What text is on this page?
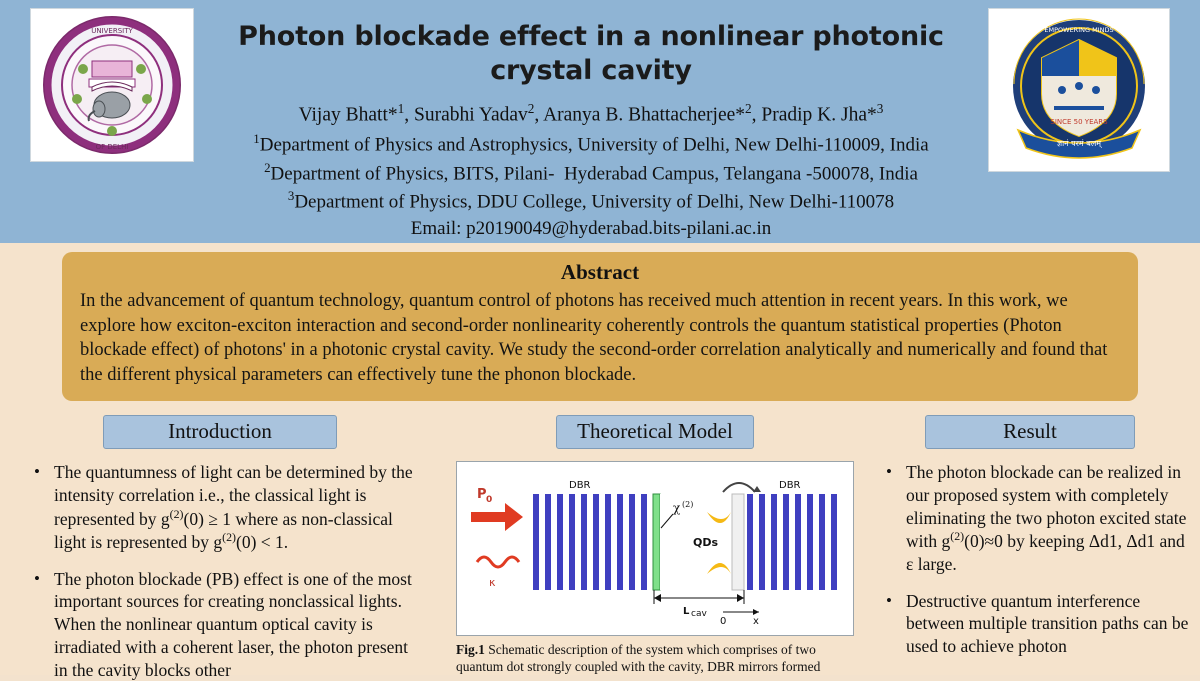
UNIVERSITY
OF DELHI
Photon blockade effect in a nonlinear photonic crystal cavity
Vijay Bhatt*$^1$, Surabhi Yadav$^2$, Aranya B. Bhattacherjee*$^2$, Pradip K. Jha*$^3$
$^1$Department of Physics and Astrophysics, University of Delhi, New Delhi-110009, India
$^2$Department of Physics, BITS, Pilani-  Hyderabad Campus, Telangana -500078, India
$^3$Department of Physics, DDU College, University of Delhi, New Delhi-110078
Email: p20190049@hyderabad.bits-pilani.ac.in
EMPOWERING MINDS
SINCE 50 YEARS
ज्ञानं परमं बलम्
Abstract
In the advancement of quantum technology, quantum control of photons has received much attention in recent years. In this work, we explore how exciton-exciton interaction and second-order nonlinearity coherently controls the quantum statistical properties (Photon blockade effect) of photons' in a photonic crystal cavity. We study the second-order correlation analytically and numerically and found that the different physical parameters can effectively tune the phonon blockade.
Introduction
• The quantumness of light can be determined by the intensity correlation i.e., the classical light is represented by $g^{(2)}(0) \ge 1$ where as non-classical light is represented by $g^{(2)}(0) < 1$.
• The photon blockade (PB) effect is one of the most important sources for creating nonclassical lights. When the nonlinear quantum optical cavity is irradiated with a coherent laser, the photon present in the cavity blocks other
Theoretical Model
P 0
κ
χ (2)
QDs
DBR	DBR
L cav
0	x
Fig.1 Schematic description of the system which comprises of two quantum dot strongly coupled with the cavity, DBR mirrors formed
Result
• The photon blockade can be realized in our proposed system with completely eliminating the two photon excited state with $g^{(2)}(0)\approx 0$ by keeping Δd1, Δd1 and ε large.
• Destructive quantum interference between multiple transition paths can be used to achieve photon
